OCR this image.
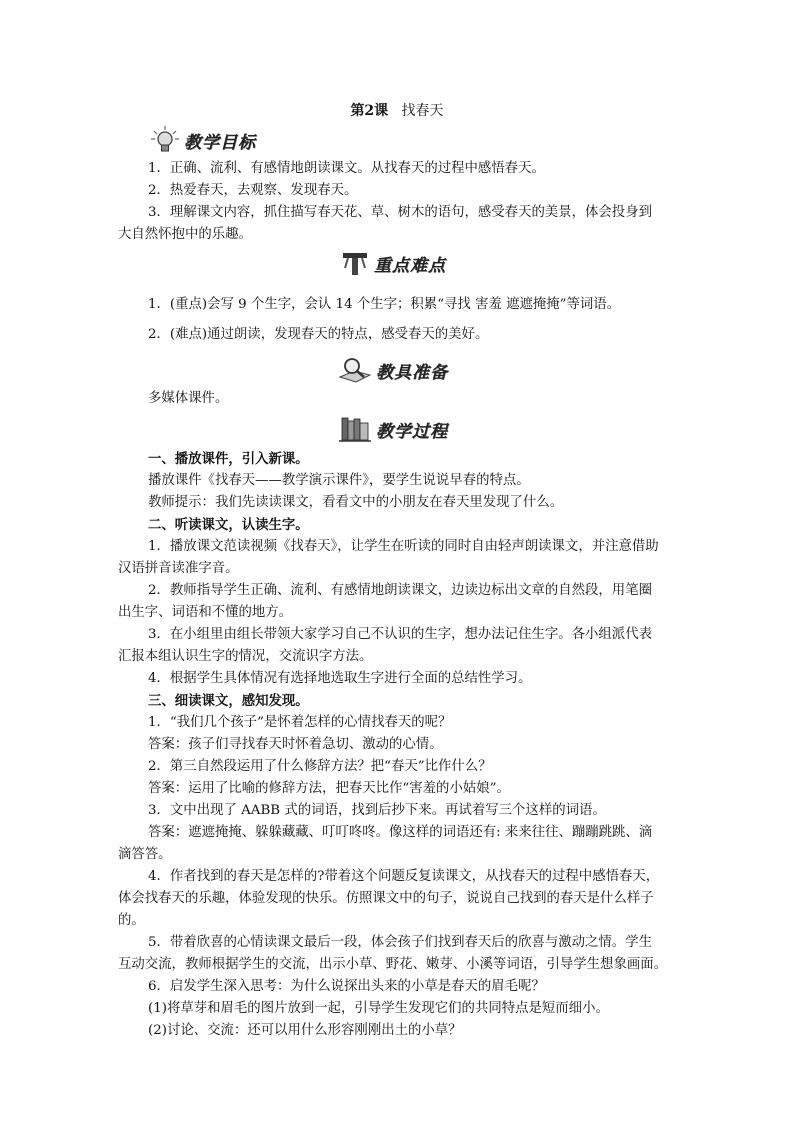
第2课 找春天
教学目标
1．正确、流利、有感情地朗读课文。从找春天的过程中感悟春天。
2．热爱春天，去观察、发现春天。
3．理解课文内容，抓住描写春天花、草、树木的语句，感受春天的美景，体会投身到
大自然怀抱中的乐趣。
重点难点
1．(重点)会写 9 个生字，会认 14 个生字；积累“寻找 害羞 遮遮掩掩”等词语。
2．(难点)通过朗读，发现春天的特点，感受春天的美好。
教具准备
多媒体课件。
教学过程
一、播放课件，引入新课。
播放课件《找春天——教学演示课件》，要学生说说早春的特点。
教师提示：我们先读读课文，看看文中的小朋友在春天里发现了什么。
二、听读课文，认读生字。
1．播放课文范读视频《找春天》，让学生在听读的同时自由轻声朗读课文，并注意借助
汉语拼音读准字音。
2．教师指导学生正确、流利、有感情地朗读课文，边读边标出文章的自然段，用笔圈
出生字、词语和不懂的地方。
3．在小组里由组长带领大家学习自己不认识的生字，想办法记住生字。各小组派代表
汇报本组认识生字的情况，交流识字方法。
4．根据学生具体情况有选择地选取生字进行全面的总结性学习。
三、细读课文，感知发现。
1．“我们几个孩子”是怀着怎样的心情找春天的呢？
答案：孩子们寻找春天时怀着急切、激动的心情。
2．第三自然段运用了什么修辞方法？把“春天”比作什么？
答案：运用了比喻的修辞方法，把春天比作“害羞的小姑娘”。
3．文中出现了 AABB 式的词语，找到后抄下来。再试着写三个这样的词语。
答案：遮遮掩掩、躲躲藏藏、叮叮咚咚。像这样的词语还有: 来来往往、蹦蹦跳跳、滴
滴答答。
4．作者找到的春天是怎样的?带着这个问题反复读课文，从找春天的过程中感悟春天，
体会找春天的乐趣，体验发现的快乐。仿照课文中的句子，说说自己找到的春天是什么样子
的。
5．带着欣喜的心情读课文最后一段，体会孩子们找到春天后的欣喜与激动之情。学生
互动交流，教师根据学生的交流，出示小草、野花、嫩芽、小溪等词语，引导学生想象画面。
6．启发学生深入思考：为什么说探出头来的小草是春天的眉毛呢？
(1)将草芽和眉毛的图片放到一起，引导学生发现它们的共同特点是短而细小。
(2)讨论、交流：还可以用什么形容刚刚出土的小草？
